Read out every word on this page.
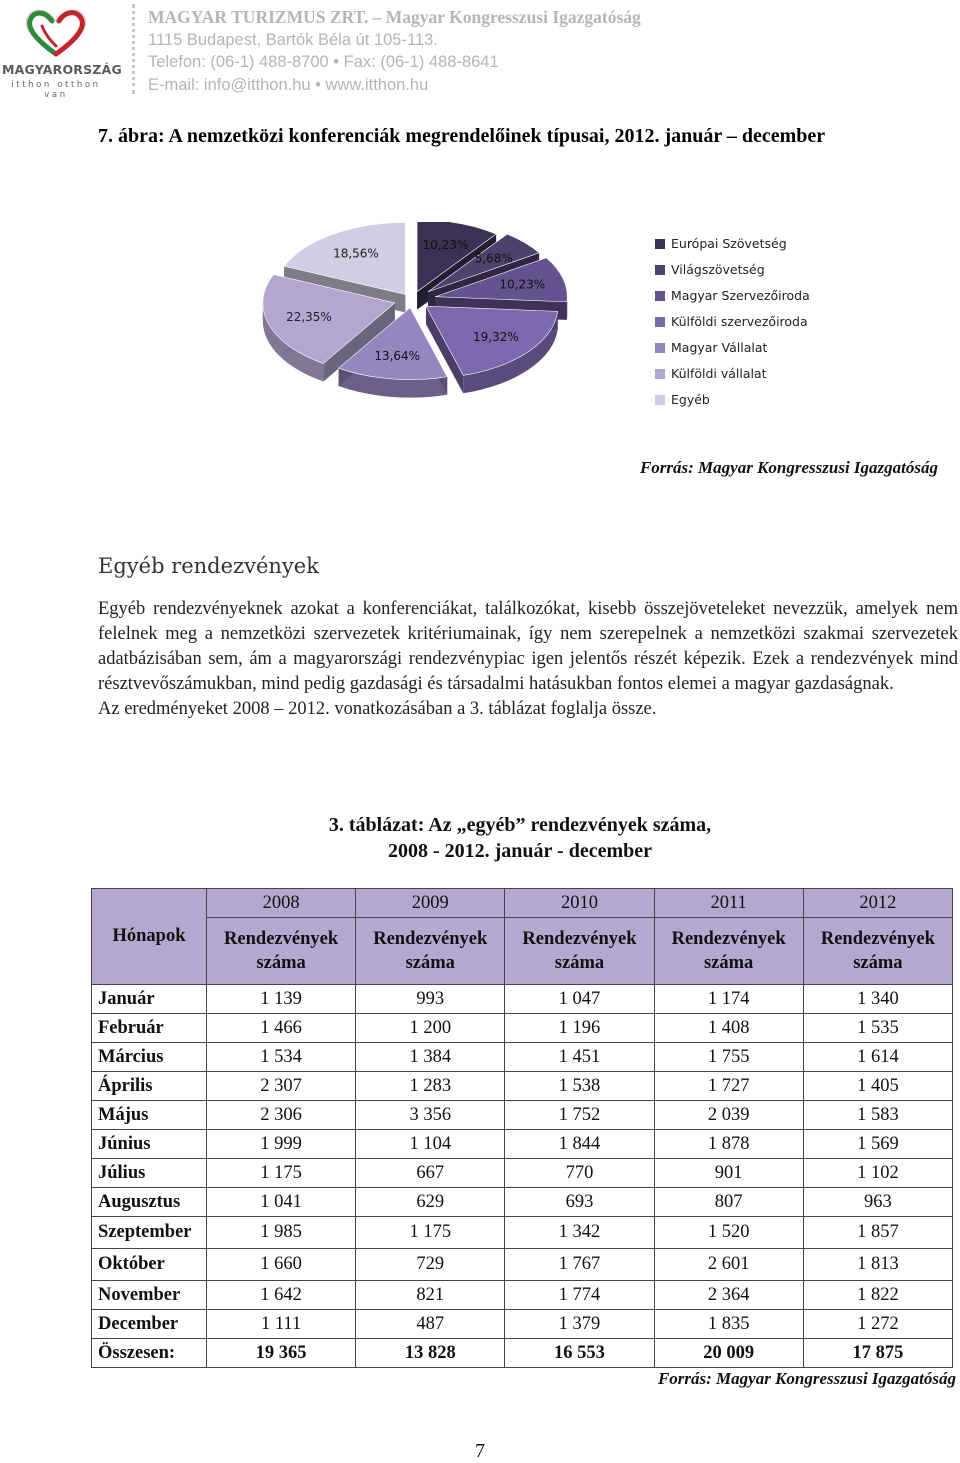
MAGYARORSZÁG
itthon otthon van
MAGYAR TURIZMUS ZRT. – Magyar Kongresszusi Igazgatóság
1115 Budapest, Bartók Béla út 105-113.
Telefon: (06-1) 488-8700 • Fax: (06-1) 488-8641
E-mail: info@itthon.hu • www.itthon.hu
7. ábra: A nemzetközi konferenciák megrendelőinek típusai, 2012. január – december
10,23%
5,68%
10,23%
19,32%
13,64%
22,35%
18,56%
Európai Szövetség
Világszövetség
Magyar Szervezőiroda
Külföldi szervezőiroda
Magyar Vállalat
Külföldi vállalat
Egyéb
Forrás: Magyar Kongresszusi Igazgatóság
Egyéb rendezvények

Egyéb rendezvényeknek azokat a konferenciákat, találkozókat, kisebb összejöveteleket nevezzük, amelyek nem felelnek meg a nemzetközi szervezetek kritériumainak, így nem szerepelnek a nemzetközi szakmai szervezetek adatbázisában sem, ám a magyarországi rendezvénypiac igen jelentős részét képezik. Ezek a rendezvények mind résztvevőszámukban, mind pedig gazdasági és társadalmi hatásukban fontos elemei a magyar gazdaságnak.

Az eredményeket 2008 – 2012. vonatkozásában a 3. táblázat foglalja össze.

3. táblázat: Az „egyéb” rendezvények száma,
2008 - 2012. január - december
Hónapok	2008	2009	2010	2011	2012
	Rendezvények száma	Rendezvények száma	Rendezvények száma	Rendezvények száma	Rendezvények száma
Január	1 139	993	1 047	1 174	1 340
Február	1 466	1 200	1 196	1 408	1 535
Március	1 534	1 384	1 451	1 755	1 614
Április	2 307	1 283	1 538	1 727	1 405
Május	2 306	3 356	1 752	2 039	1 583
Június	1 999	1 104	1 844	1 878	1 569
Július	1 175	667	770	901	1 102
Augusztus	1 041	629	693	807	963
Szeptember	1 985	1 175	1 342	1 520	1 857
Október	1 660	729	1 767	2 601	1 813
November	1 642	821	1 774	2 364	1 822
December	1 111	487	1 379	1 835	1 272
Összesen:	19 365	13 828	16 553	20 009	17 875
Forrás: Magyar Kongresszusi Igazgatóság
7
